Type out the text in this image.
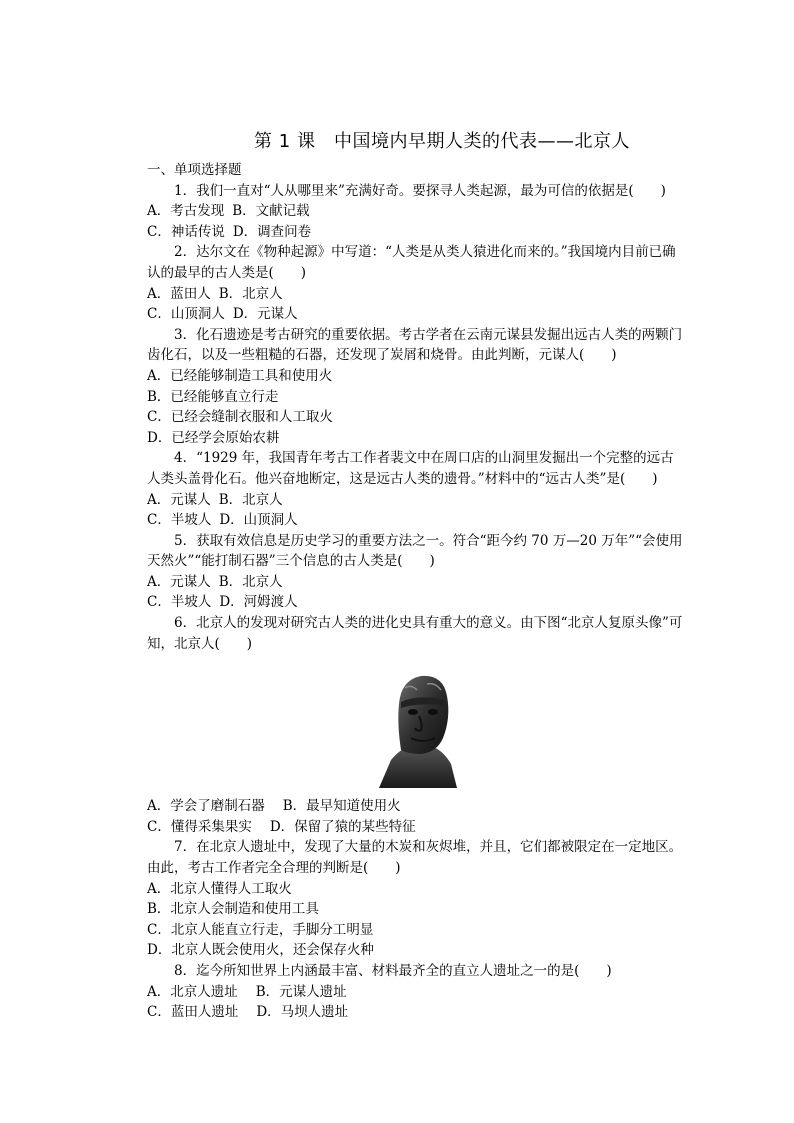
第 1 课　中国境内早期人类的代表——北京人

一、单项选择题

1．我们一直对“人从哪里来”充满好奇。要探寻人类起源，最为可信的依据是(　　)

A．考古发现 B．文献记载

C．神话传说 D．调查问卷

2．达尔文在《物种起源》中写道：“人类是从类人猿进化而来的。”我国境内目前已确认的最早的古人类是(　　)

A．蓝田人 B．北京人

C．山顶洞人 D．元谋人

3．化石遗迹是考古研究的重要依据。考古学者在云南元谋县发掘出远古人类的两颗门齿化石，以及一些粗糙的石器，还发现了炭屑和烧骨。由此判断，元谋人(　　)

A．已经能够制造工具和使用火

B．已经能够直立行走

C．已经会缝制衣服和人工取火

D．已经学会原始农耕

4．“1929 年，我国青年考古工作者裴文中在周口店的山洞里发掘出一个完整的远古人类头盖骨化石。他兴奋地断定，这是远古人类的遗骨。”材料中的“远古人类”是(　　)

A．元谋人 B．北京人

C．半坡人 D．山顶洞人

5．获取有效信息是历史学习的重要方法之一。符合“距今约 70 万—20 万年”“会使用天然火”“能打制石器”三个信息的古人类是(　　)

A．元谋人 B．北京人

C．半坡人 D．河姆渡人

6．北京人的发现对研究古人类的进化史具有重大的意义。由下图“北京人复原头像”可知，北京人(　　)

A．学会了磨制石器 B．最早知道使用火

C．懂得采集果实 D．保留了猿的某些特征

7．在北京人遗址中，发现了大量的木炭和灰烬堆，并且，它们都被限定在一定地区。由此，考古工作者完全合理的判断是(　　)

A．北京人懂得人工取火

B．北京人会制造和使用工具

C．北京人能直立行走，手脚分工明显

D．北京人既会使用火，还会保存火种

8．迄今所知世界上内涵最丰富、材料最齐全的直立人遗址之一的是(　　)

A．北京人遗址 B．元谋人遗址

C．蓝田人遗址 D．马坝人遗址
